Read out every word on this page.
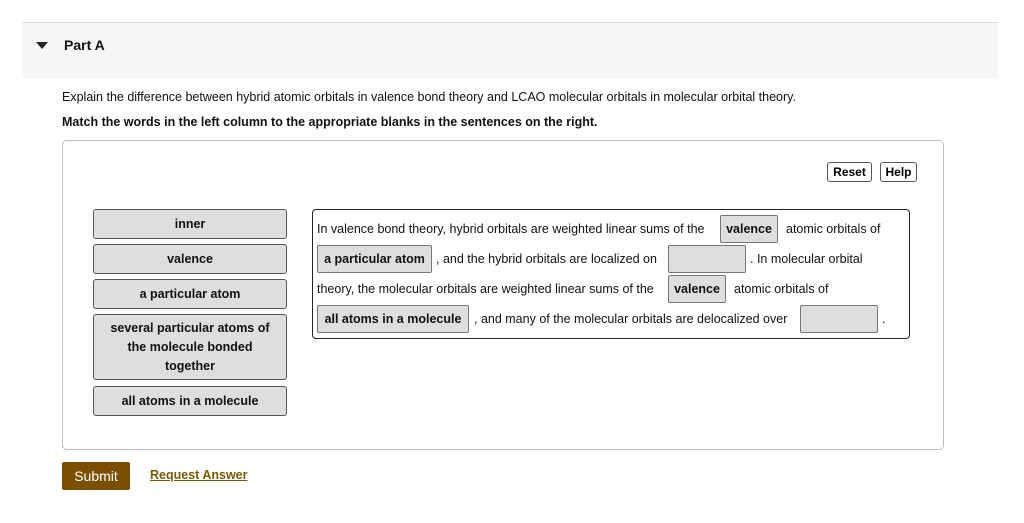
Part A
Explain the difference between hybrid atomic orbitals in valence bond theory and LCAO molecular orbitals in molecular orbital theory.
Match the words in the left column to the appropriate blanks in the sentences on the right.
Reset	Help
inner
valence
a particular atom
several particular atoms of the molecule bonded together
all atoms in a molecule
In valence bond theory, hybrid orbitals are weighted linear sums of the	valence	atomic orbitals of
a particular atom , and the hybrid orbitals are localized on	. In molecular orbital
theory, the molecular orbitals are weighted linear sums of the	valence	atomic orbitals of
all atoms in a molecule	, and many of the molecular orbitals are delocalized over	.
Submit	Request Answer
